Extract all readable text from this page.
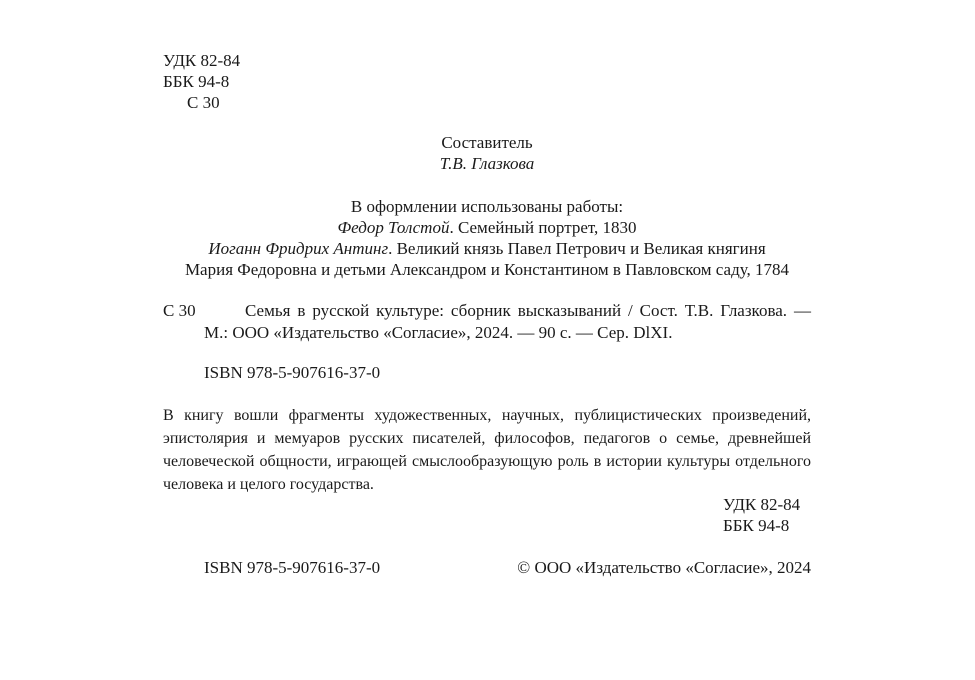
УДК 82-84
ББК 94-8
С 30
Составитель
Т.В. Глазкова
В оформлении использованы работы:
Федор Толстой. Семейный портрет, 1830
Иоганн Фридрих Антинг. Великий князь Павел Петрович и Великая княгиня
Мария Федоровна и детьми Александром и Константином в Павловском саду, 1784
С 30	Семья в русской культуре: сборник высказываний / Сост. Т.В. Глазкова. —
М.: ООО «Издательство «Согласие», 2024. — 90 с. — Сер. DlXI.
ISBN 978-5-907616-37-0
В книгу вошли фрагменты художественных, научных, публицистических произведений, эпистолярия и мемуаров русских писателей, философов, педагогов о семье, древнейшей человеческой общности, играющей смыслообразующую роль в истории культуры отдельного человека и целого государства.
УДК 82-84
ББК 94-8
ISBN 978-5-907616-37-0	© ООО «Издательство «Согласие», 2024
